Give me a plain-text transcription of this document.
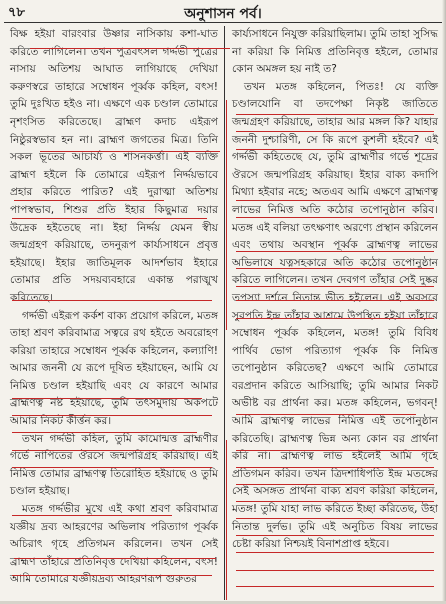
৭৮	অনুশাসন পর্ব।

বিক্ষ হইয়া বারংবার উষ্ণার নাসিকায় কশা-ঘাত করিতে লাগিলেন। তখন পুত্রবৎসল গর্দ্দভী পুত্রের নাসায় অতিশয় আঘাত লাগিয়াছে দেখিয়া করুণস্বরে তাহারে সম্বোধন পূর্ব্বক কহিল, বৎস! তুমি দুঃখিত হইও না। এক্ষণে এক চণ্ডাল তোমারে নৃশংসিত করিতেছে। ব্রাহ্মণ কদাচ এইরূপ নিষ্ঠুরস্বভাব হন না। ব্রাহ্মণ জগতের মিত্র। তিনি সকল ভূতের আচার্য্য ও শাসনকর্ত্তা। এই ব্যক্তি ব্রাহ্মণ হইলে কি তোমারে এইরূপ নির্দ্দয়ভাবে প্রহার করিতে পারিত? এই দুরাত্মা অতিশয় পাপস্বভাব, শিশুর প্রতি ইহার কিছুমাত্র দয়ার উদ্রেক হইতেছে না। ইহা নির্দ্দয় যেমন স্বীয় জন্মগ্রহণ করিয়াছে, তদনুরূপ কার্য্যসাধনে প্রবৃত্ত হইয়াছে। ইহার জাতিমূলক আদর্শভাব ইহারে তোমার প্রতি সদয়ব্যবহারে একান্ত পরাঙ্মুখ করিতেছে।

গর্দ্দভী এইরূপ কর্কশ বাক্য প্রয়োগ করিলে, মতঙ্গ তাহা শ্রবণ করিবামাত্র সত্বরে রথ হইতে অবরোহণ করিয়া তাহারে সম্বোধন পূর্ব্বক কহিলেন, কল্যাণি! আমার জননী যে রূপে দূষিত হইয়াছেন, আমি যে নিমিত্ত চণ্ডাল হইয়াছি এবং যে কারণে আমার ব্রাহ্মণত্ব নষ্ট হইয়াছে, তুমি তৎসমুদায় অকপটে আমার নিকট কীর্ত্তন কর।

তখন গর্দ্দভী কহিল, তুমি কামোন্মত্ত ব্রাহ্মণীর গর্ভে নাপিতের ঔরসে জন্মপরিগ্রহ করিয়াছ। এই নিমিত্ত তোমার ব্রাহ্মণত্ব তিরোহিত হইয়াছে ও তুমি চণ্ডাল হইয়াছ।

মতঙ্গ গর্দ্দভীর মুখে এই কথা শ্রবণ করিবামাত্র যজ্ঞীয় দ্রব্য আহরণের অভিলাষ পরিত্যাগ পূর্ব্বক অচিরাৎ গৃহে প্রতিগমন করিলেন। তখন সেই ব্রাহ্মণ তাঁহারে প্রতিনিবৃত্ত দেখিয়া কহিলেন, বৎস! আমি তোমারে যজ্ঞীয়দ্রব্য আহরণরূপ গুরুতর

কার্য্যসাধনে নিযুক্ত করিয়াছিলাম। তুমি তাহা সুসিদ্ধ না করিয়া কি নিমিত্ত প্রতিনিবৃত্ত হইলে, তোমার কোন অমঙ্গল হয় নাই ত?

তখন মতঙ্গ কহিলেন, পিতঃ! যে ব্যক্তি চণ্ডালযোনি বা তদপেক্ষা নিকৃষ্ট জাতিতে জন্মগ্রহণ করিয়াছে, তাহার আর মঙ্গল কি? যাহার জননী দুশ্চারিণী, সে কি রূপে কুশলী হইবে? এই গর্দ্দভী কহিতেছে যে, তুমি ব্রাহ্মণীর গর্ভে শূদ্রের ঔরসে জন্মপরিগ্রহ করিয়াছ। ইহার বাক্য কদাপি মিথ্যা হইবার নহে; অতএব আমি এক্ষণে ব্রাহ্মণত্ব লাভের নিমিত্ত অতি কঠোর তপোনুষ্ঠান করিব। মতঙ্গ এই বলিয়া তৎক্ষণাৎ অরণ্যে প্রস্থান করিলেন এবং তথায় অবস্থান পূর্ব্বক ব্রাহ্মণত্ব লাভের অভিলাষে যত্নসহকারে অতি কঠোর তপোনুষ্ঠান করিতে লাগিলেন। তখন দেবগণ তাঁহার সেই দুষ্কর তপস্যা দর্শনে নিতান্ত ভীত হইলেন। এই অবসরে সুরপতি ইন্দ্র তাঁহার আশ্রমে উপস্থিত হইয়া তাঁহারে সম্বোধন পূর্ব্বক কহিলেন, মতঙ্গ! তুমি বিবিধ পার্থিব ভোগ পরিত্যাগ পূর্ব্বক কি নিমিত্ত তপোনুষ্ঠান করিতেছ? এক্ষণে আমি তোমারে বরপ্রদান করিতে আসিয়াছি; তুমি আমার নিকট অভীষ্ট বর প্রার্থনা কর। মতঙ্গ কহিলেন, ভগবন্! আমি ব্রাহ্মণত্ব লাভের নিমিত্ত এই তপোনুষ্ঠান করিতেছি। ব্রাহ্মণত্ব ভিন্ন অন্য কোন বর প্রার্থনা করি না। ব্রাহ্মণত্ব লাভ হইলেই আমি গৃহে প্রতিগমন করিব। তখন ত্রিদশাধিপতি ইন্দ্র মতঙ্গের সেই অসঙ্গত প্রার্থনা বাক্য শ্রবণ করিয়া কহিলেন, মতঙ্গ! তুমি যাহা লাভ করিতে ইচ্ছা করিতেছ, উহা নিতান্ত দুর্লভ। তুমি এই অনুচিত বিষয় লাভের চেষ্টা করিয়া নিশ্চয়ই বিনাশপ্রাপ্ত হইবে।
